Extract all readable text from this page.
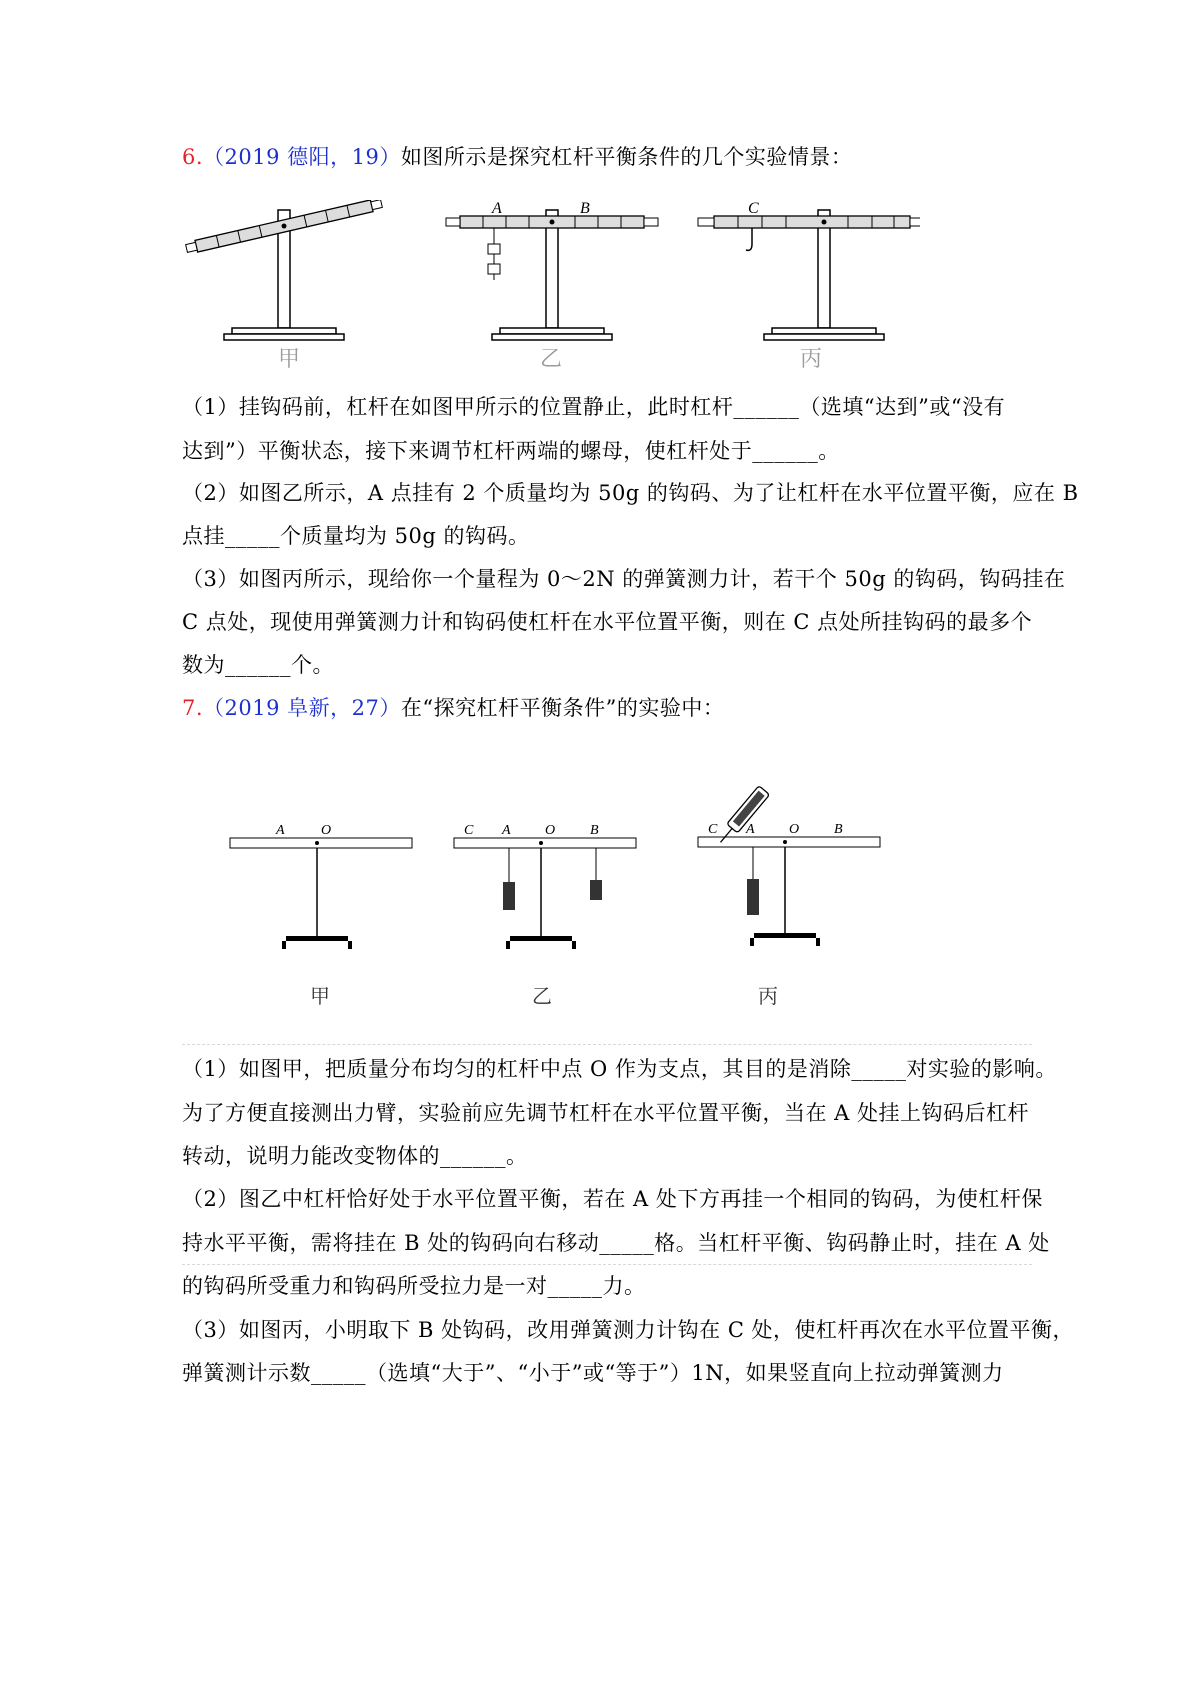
6.（2019 德阳，19）如图所示是探究杠杆平衡条件的几个实验情景：
甲
A	B
乙
C
丙
（1）挂钩码前，杠杆在如图甲所示的位置静止，此时杠杆______（选填“达到”或“没有
达到”）平衡状态，接下来调节杠杆两端的螺母，使杠杆处于______。
（2）如图乙所示，A 点挂有 2 个质量均为 50g 的钩码、为了让杠杆在水平位置平衡，应在 B
点挂_____个质量均为 50g 的钩码。
（3）如图丙所示，现给你一个量程为 0～2N 的弹簧测力计，若干个 50g 的钩码，钩码挂在
C 点处，现使用弹簧测力计和钩码使杠杆在水平位置平衡，则在 C 点处所挂钩码的最多个
数为______个。
7.（2019 阜新，27）在“探究杠杆平衡条件”的实验中：
A	O
甲
C A O B
乙
C A O B
丙
（1）如图甲，把质量分布均匀的杠杆中点 O 作为支点，其目的是消除_____对实验的影响。
为了方便直接测出力臂，实验前应先调节杠杆在水平位置平衡，当在 A 处挂上钩码后杠杆
转动，说明力能改变物体的______。
（2）图乙中杠杆恰好处于水平位置平衡，若在 A 处下方再挂一个相同的钩码，为使杠杆保
持水平平衡，需将挂在 B 处的钩码向右移动_____格。当杠杆平衡、钩码静止时，挂在 A 处
的钩码所受重力和钩码所受拉力是一对_____力。
（3）如图丙，小明取下 B 处钩码，改用弹簧测力计钩在 C 处，使杠杆再次在水平位置平衡，
弹簧测计示数_____（选填“大于”、“小于”或“等于”）1N，如果竖直向上拉动弹簧测力
